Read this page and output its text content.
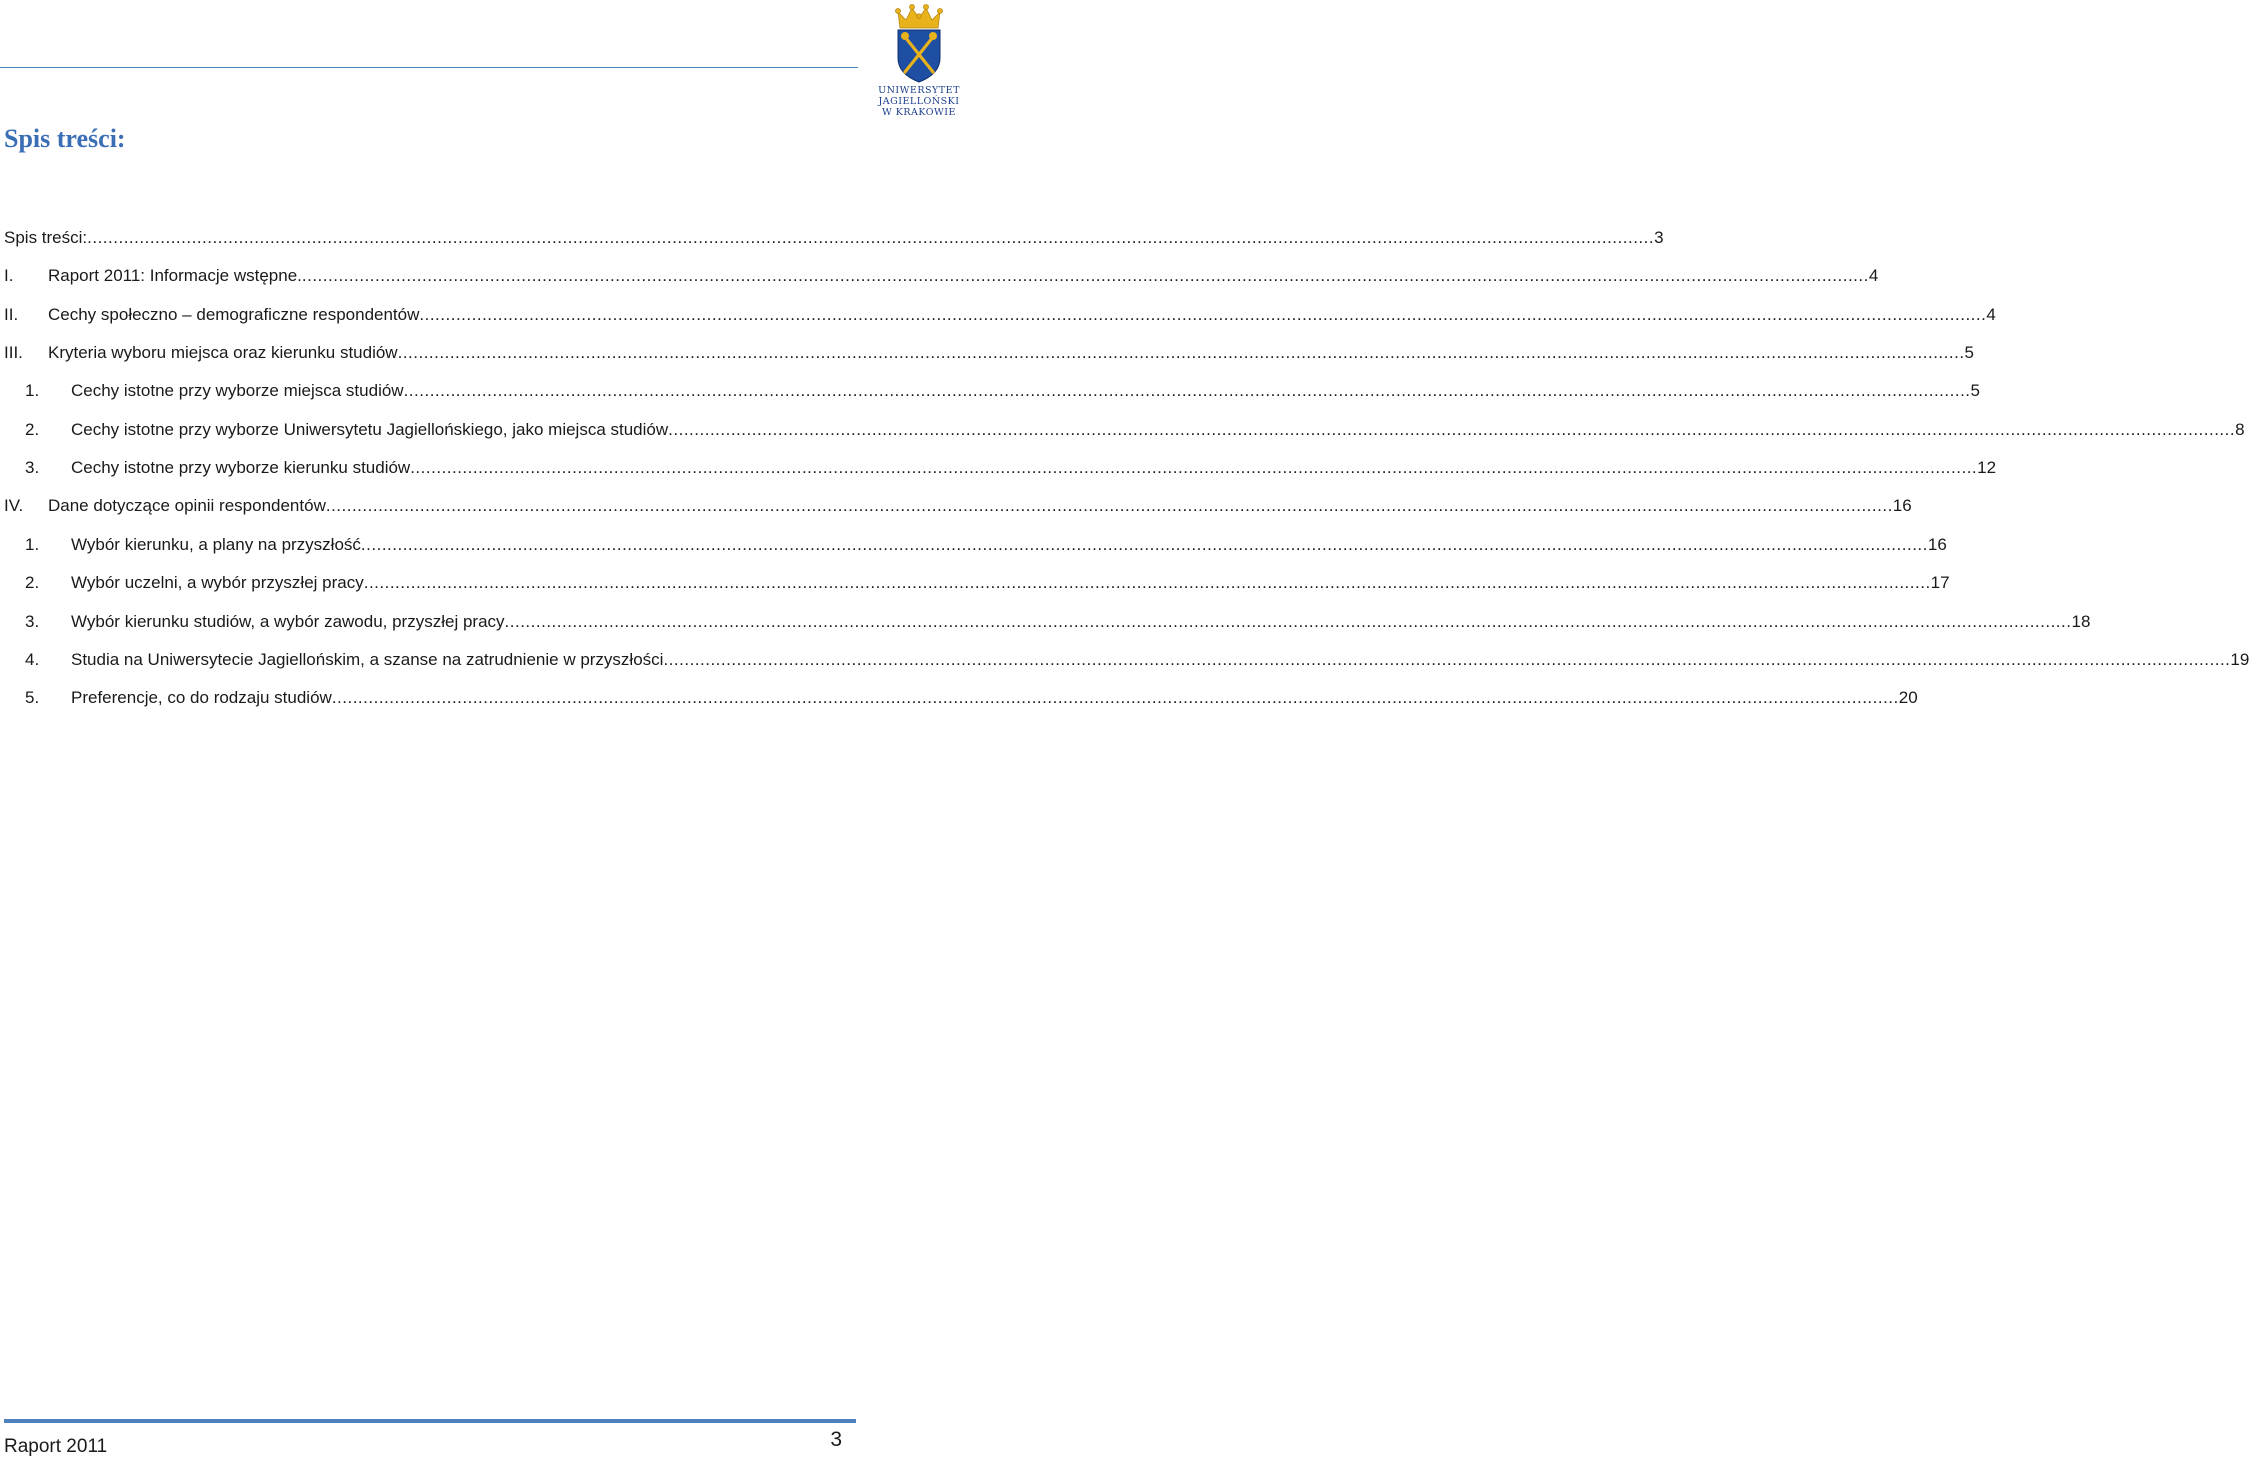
UNIWERSYTET
JAGIELLOŃSKI
W KRAKOWIE
Spis treści:
Spis treści: ............................................................................................................................................................................................................................................................................................................ 3
I. Raport 2011: Informacje wstępne. ............................................................................................................................................................................................................................................................................................................ 4
II. Cechy społeczno – demograficzne respondentów ............................................................................................................................................................................................................................................................................................................ 4
III. Kryteria wyboru miejsca oraz kierunku studiów ............................................................................................................................................................................................................................................................................................................ 5
1. Cechy istotne przy wyborze miejsca studiów ............................................................................................................................................................................................................................................................................................................ 5
2. Cechy istotne przy wyborze Uniwersytetu Jagiellońskiego, jako miejsca studiów ............................................................................................................................................................................................................................................................................................................ 8
3. Cechy istotne przy wyborze kierunku studiów ............................................................................................................................................................................................................................................................................................................ 12
IV. Dane dotyczące opinii respondentów ............................................................................................................................................................................................................................................................................................................ 16
1. Wybór kierunku, a plany na przyszłość ............................................................................................................................................................................................................................................................................................................ 16
2. Wybór uczelni, a wybór przyszłej pracy ............................................................................................................................................................................................................................................................................................................ 17
3. Wybór kierunku studiów, a wybór zawodu, przyszłej pracy ............................................................................................................................................................................................................................................................................................................ 18
4. Studia na Uniwersytecie Jagiellońskim, a szanse na zatrudnienie w przyszłości ............................................................................................................................................................................................................................................................................................................ 19
5. Preferencje, co do rodzaju studiów ............................................................................................................................................................................................................................................................................................................ 20
Raport 2011	3
